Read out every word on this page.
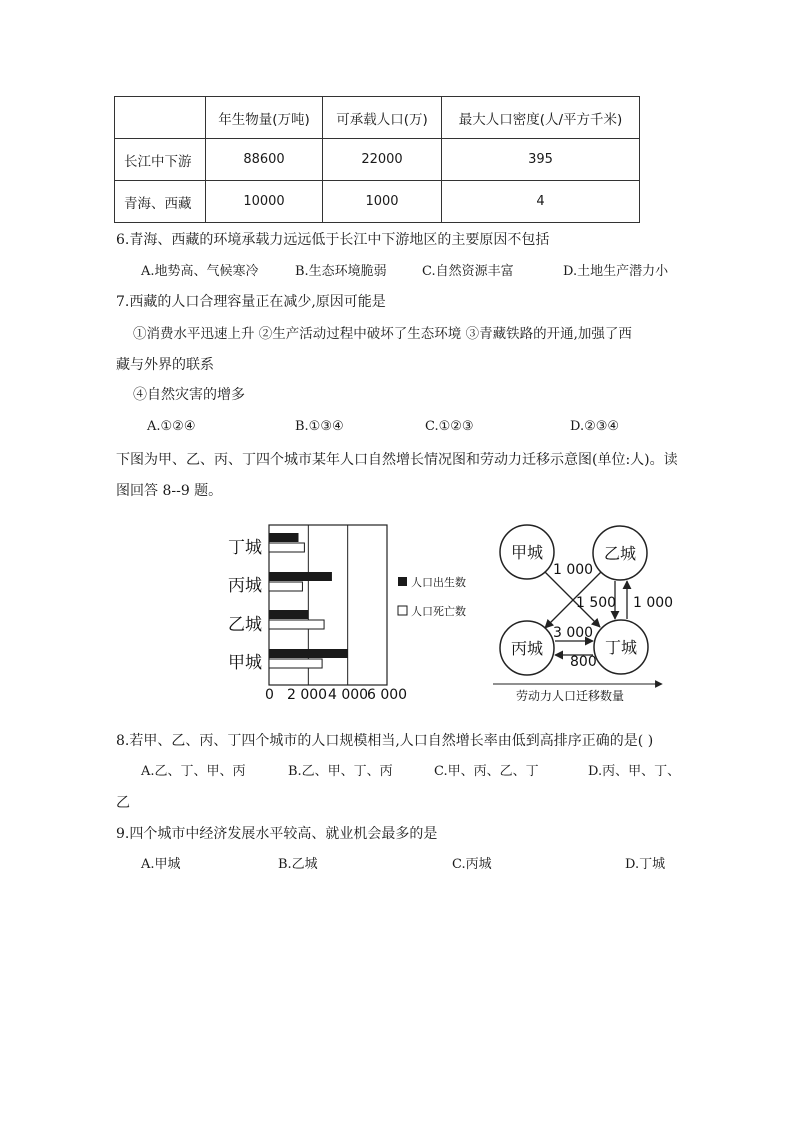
	年生物量(万吨)	可承载人口(万)	最大人口密度(人/平方千米)
长江中下游	88600	22000	395
青海、西藏	10000	1000	4
6.青海、西藏的环境承载力远远低于长江中下游地区的主要原因不包括
A.地势高、气候寒冷	B.生态环境脆弱	C.自然资源丰富	D.土地生产潜力小
7.西藏的人口合理容量正在减少,原因可能是
①消费水平迅速上升 ②生产活动过程中破坏了生态环境 ③青藏铁路的开通,加强了西
藏与外界的联系
④自然灾害的增多
A.①②④	B.①③④	C.①②③	D.②③④
下图为甲、乙、丙、丁四个城市某年人口自然增长情况图和劳动力迁移示意图(单位:人)。读
图回答 8--9 题。
丁城
丙城
乙城
甲城
0 2 000 4 000
6 000
人口出生数
人口死亡数
甲城	乙城
丙城	丁城
1 000
1 500 1 000
3 000
800
劳动力人口迁移数量
8.若甲、乙、丙、丁四个城市的人口规模相当,人口自然增长率由低到高排序正确的是( )
A.乙、丁、甲、丙	B.乙、甲、丁、丙	C.甲、丙、乙、丁	D.丙、甲、丁、
乙
9.四个城市中经济发展水平较高、就业机会最多的是
A.甲城	B.乙城	C.丙城	D.丁城
